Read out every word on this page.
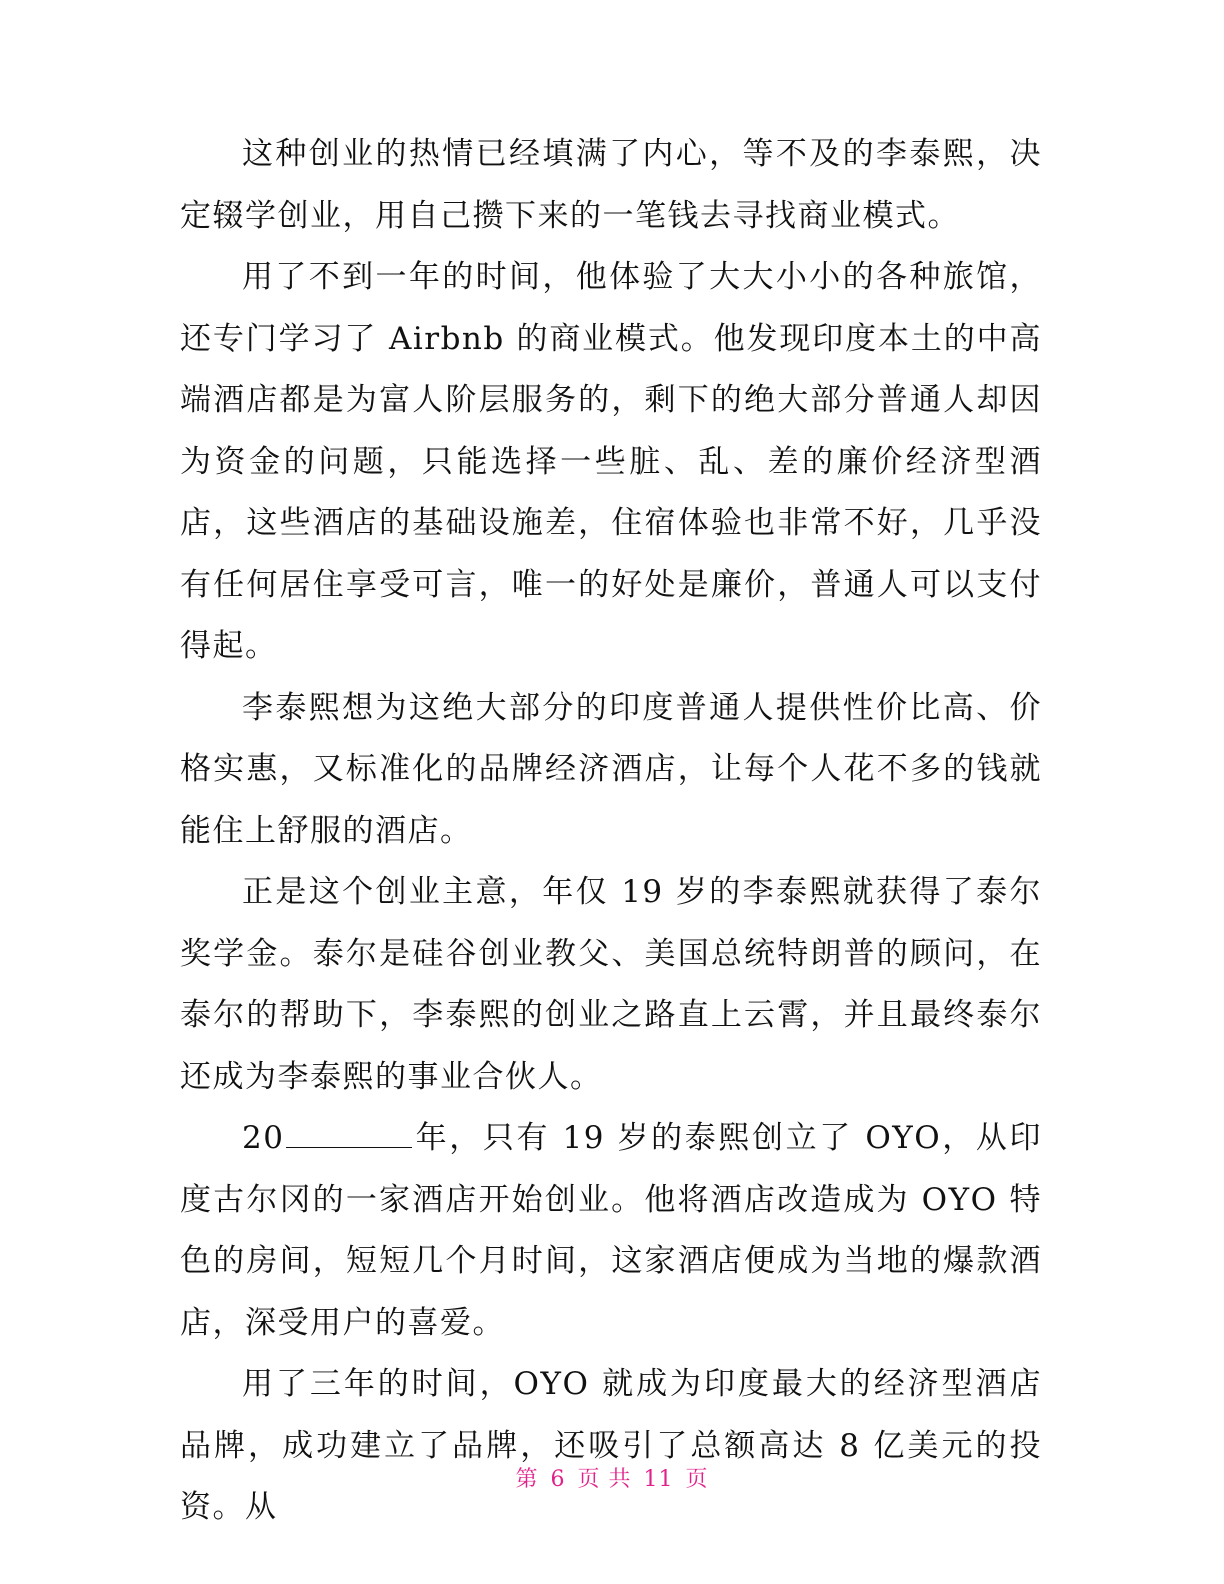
这种创业的热情已经填满了内心，等不及的李泰熙，决定辍学创业，用自己攒下来的一笔钱去寻找商业模式。

用了不到一年的时间，他体验了大大小小的各种旅馆，还专门学习了 Airbnb 的商业模式。他发现印度本土的中高端酒店都是为富人阶层服务的，剩下的绝大部分普通人却因为资金的问题，只能选择一些脏、乱、差的廉价经济型酒店，这些酒店的基础设施差，住宿体验也非常不好，几乎没有任何居住享受可言，唯一的好处是廉价，普通人可以支付得起。

李泰熙想为这绝大部分的印度普通人提供性价比高、价格实惠，又标准化的品牌经济酒店，让每个人花不多的钱就能住上舒服的酒店。

正是这个创业主意，年仅 19 岁的李泰熙就获得了泰尔奖学金。泰尔是硅谷创业教父、美国总统特朗普的顾问，在泰尔的帮助下，李泰熙的创业之路直上云霄，并且最终泰尔还成为李泰熙的事业合伙人。

20	年，只有 19 岁的泰熙创立了 OYO，从印度古尔冈的一家酒店开始创业。他将酒店改造成为 OYO 特色的房间，短短几个月时间，这家酒店便成为当地的爆款酒店，深受用户的喜爱。

用了三年的时间，OYO 就成为印度最大的经济型酒店品牌，成功建立了品牌，还吸引了总额高达 8 亿美元的投资。从

第 6 页 共 11 页
